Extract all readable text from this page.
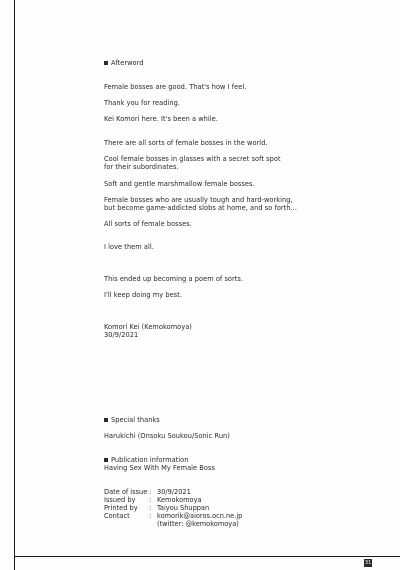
Afterword
Female bosses are good. That's how I feel.
Thank you for reading.
Kei Komori here. It's been a while.
There are all sorts of female bosses in the world.
Cool female bosses in glasses with a secret soft spot
for their subordinates.
Soft and gentle marshmallow female bosses.
Female bosses who are usually tough and hard-working,
but become game-addicted slobs at home, and so forth...
All sorts of female bosses.
I love them all.
This ended up becoming a poem of sorts.
I'll keep doing my best.
Komori Kei (Kemokomoya)
30/9/2021
Special thanks
Harukichi (Onsoku Soukou/Sonic Run)
Publication information
Having Sex With My Female Boss
Date of issue : 30/9/2021
Issued by : Kemokomoya
Printed by : Taiyou Shuppan
Contact	: komorik@aioros.ocn.ne.jp
(twitter: @kemokomoya)
31
